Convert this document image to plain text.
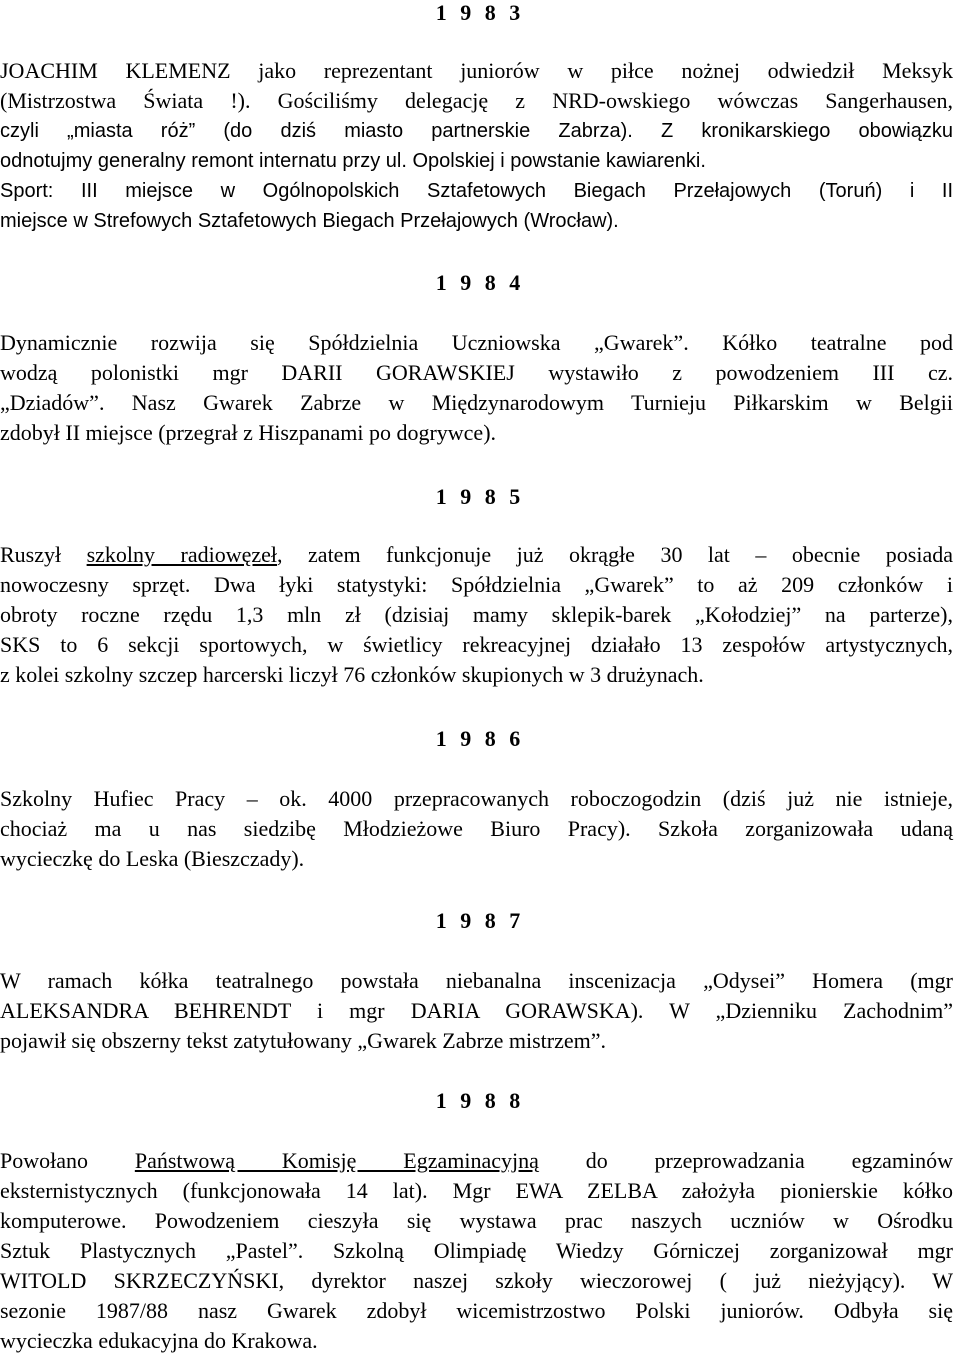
1 9 8 3
JOACHIM KLEMENZ jako reprezentant juniorów w piłce nożnej odwiedził Meksyk
(Mistrzostwa Świata !). Gościliśmy delegację z NRD-owskiego wówczas Sangerhausen,
czyli „miasta róż” (do dziś miasto partnerskie Zabrza). Z kronikarskiego obowiązku
odnotujmy generalny remont internatu przy ul. Opolskiej i powstanie kawiarenki.
Sport: III miejsce w Ogólnopolskich Sztafetowych Biegach Przełajowych (Toruń) i II
miejsce w Strefowych Sztafetowych Biegach Przełajowych (Wrocław).
1 9 8 4
Dynamicznie rozwija się Spółdzielnia Uczniowska „Gwarek”. Kółko teatralne pod
wodzą polonistki mgr DARII GORAWSKIEJ wystawiło z powodzeniem III cz.
„Dziadów”. Nasz Gwarek Zabrze w Międzynarodowym Turnieju Piłkarskim w Belgii
zdobył II miejsce (przegrał z Hiszpanami po dogrywce).
1 9 8 5
Ruszył szkolny radiowęzeł, zatem funkcjonuje już okrągłe 30 lat – obecnie posiada
nowoczesny sprzęt. Dwa łyki statystyki: Spółdzielnia „Gwarek” to aż 209 członków i
obroty roczne rzędu 1,3 mln zł (dzisiaj mamy sklepik-barek „Kołodziej” na parterze),
SKS to 6 sekcji sportowych, w świetlicy rekreacyjnej działało 13 zespołów artystycznych,
z kolei szkolny szczep harcerski liczył 76 członków skupionych w 3 drużynach.
1 9 8 6
Szkolny Hufiec Pracy – ok. 4000 przepracowanych roboczogodzin (dziś już nie istnieje,
chociaż ma u nas siedzibę Młodzieżowe Biuro Pracy). Szkoła zorganizowała udaną
wycieczkę do Leska (Bieszczady).
1 9 8 7
W ramach kółka teatralnego powstała niebanalna inscenizacja „Odysei” Homera (mgr
ALEKSANDRA BEHRENDT i mgr DARIA GORAWSKA). W „Dzienniku Zachodnim”
pojawił się obszerny tekst zatytułowany „Gwarek Zabrze mistrzem”.
1 9 8 8
Powołano Państwową Komisję Egzaminacyjną do przeprowadzania egzaminów
eksternistycznych (funkcjonowała 14 lat). Mgr EWA ZELBA założyła pionierskie kółko
komputerowe. Powodzeniem cieszyła się wystawa prac naszych uczniów w Ośrodku
Sztuk Plastycznych „Pastel”. Szkolną Olimpiadę Wiedzy Górniczej zorganizował mgr
WITOLD SKRZECZYŃSKI, dyrektor naszej szkoły wieczorowej ( już nieżyjący). W
sezonie 1987/88 nasz Gwarek zdobył wicemistrzostwo Polski juniorów. Odbyła się
wycieczka edukacyjna do Krakowa.
